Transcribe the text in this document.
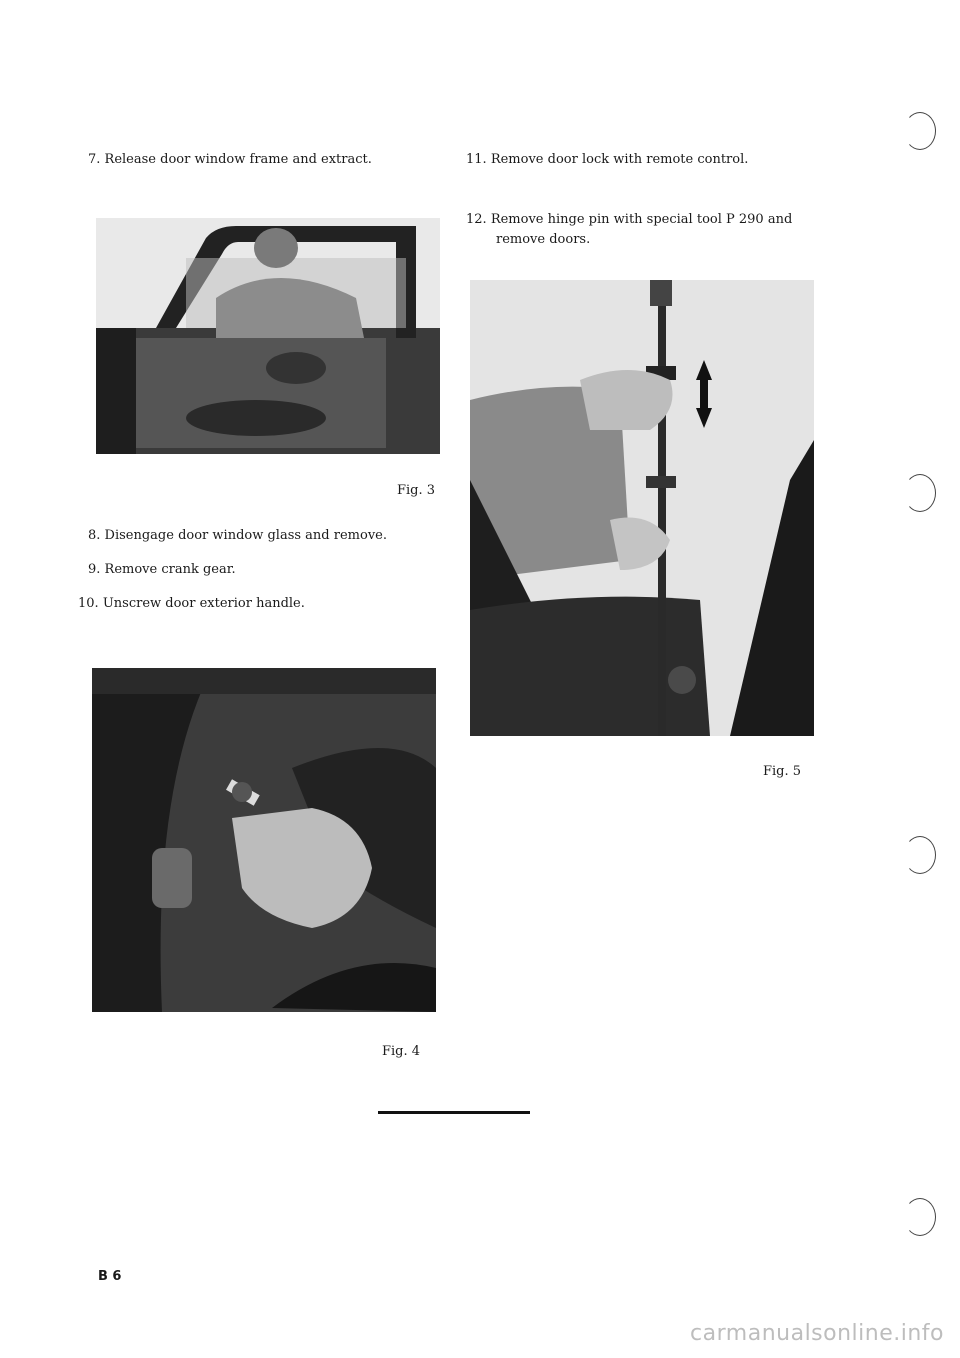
7. Release door window frame and extract.
Fig. 3
8. Disengage door window glass and remove.
9. Remove crank gear.
10. Unscrew door exterior handle.
Fig. 4
11. Remove door lock with remote control.
12. Remove hinge pin with special tool P 290 and
remove doors.
Fig. 5
B 6
carmanualsonline.info
